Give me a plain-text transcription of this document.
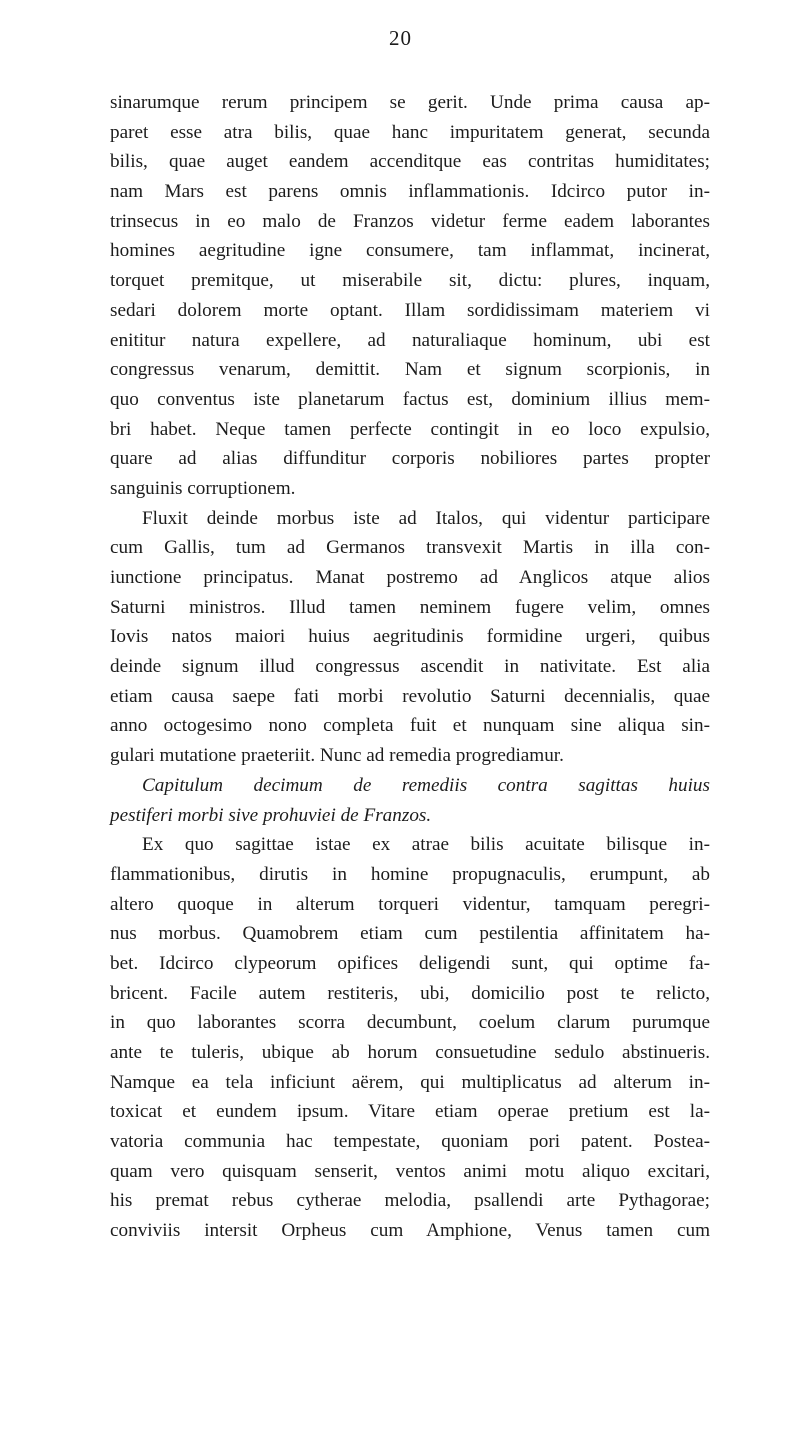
20
sinarumque rerum principem se gerit. Unde prima causa ap-
paret esse atra bilis, quae hanc impuritatem generat, secunda
bilis, quae auget eandem accenditque eas contritas humiditates;
nam Mars est parens omnis inflammationis. Idcirco putor in-
trinsecus in eo malo de Franzos videtur ferme eadem laborantes
homines aegritudine igne consumere, tam inflammat, incinerat,
torquet premitque, ut miserabile sit, dictu: plures, inquam,
sedari dolorem morte optant. Illam sordidissimam materiem vi
enititur natura expellere, ad naturaliaque hominum, ubi est
congressus venarum, demittit. Nam et signum scorpionis, in
quo conventus iste planetarum factus est, dominium illius mem-
bri habet. Neque tamen perfecte contingit in eo loco expulsio,
quare ad alias diffunditur corporis nobiliores partes propter
sanguinis corruptionem.
Fluxit deinde morbus iste ad Italos, qui videntur participare
cum Gallis, tum ad Germanos transvexit Martis in illa con-
iunctione principatus. Manat postremo ad Anglicos atque alios
Saturni ministros. Illud tamen neminem fugere velim, omnes
Iovis natos maiori huius aegritudinis formidine urgeri, quibus
deinde signum illud congressus ascendit in nativitate. Est alia
etiam causa saepe fati morbi revolutio Saturni decennialis, quae
anno octogesimo nono completa fuit et nunquam sine aliqua sin-
gulari mutatione praeteriit. Nunc ad remedia progrediamur.
Capitulum decimum de remediis contra sagittas huius
pestiferi morbi sive prohuviei de Franzos.
Ex quo sagittae istae ex atrae bilis acuitate bilisque in-
flammationibus, dirutis in homine propugnaculis, erumpunt, ab
altero quoque in alterum torqueri videntur, tamquam peregri-
nus morbus. Quamobrem etiam cum pestilentia affinitatem ha-
bet. Idcirco clypeorum opifices deligendi sunt, qui optime fa-
bricent. Facile autem restiteris, ubi, domicilio post te relicto,
in quo laborantes scorra decumbunt, coelum clarum purumque
ante te tuleris, ubique ab horum consuetudine sedulo abstinueris.
Namque ea tela inficiunt aërem, qui multiplicatus ad alterum in-
toxicat et eundem ipsum. Vitare etiam operae pretium est la-
vatoria communia hac tempestate, quoniam pori patent. Postea-
quam vero quisquam senserit, ventos animi motu aliquo excitari,
his premat rebus cytherae melodia, psallendi arte Pythagorae;
conviviis intersit Orpheus cum Amphione, Venus tamen cum
